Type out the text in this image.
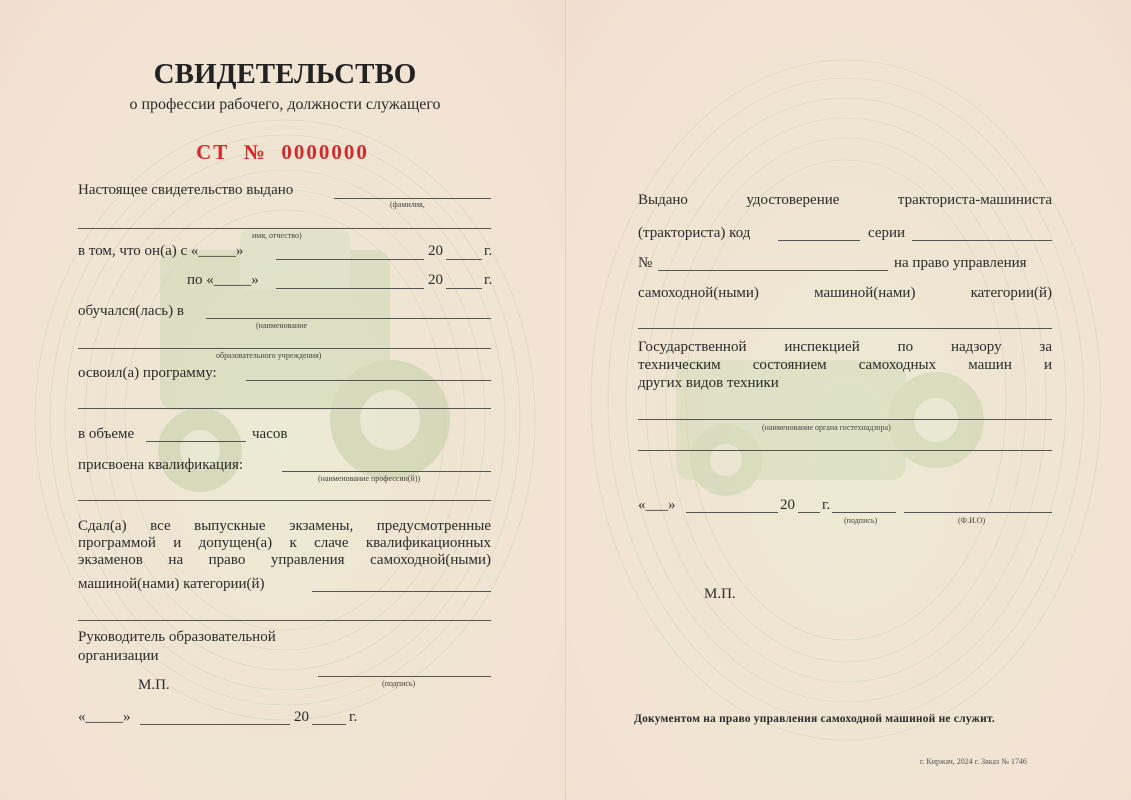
СВИДЕТЕЛЬСТВО
о профессии рабочего, должности служащего
СТ  №  0000000
Настоящее свидетельство выдано
(фамилия,
имя, отчество)
в том, что он(а) с «_____»	20	г.
по «_____»	20	г.
обучался(лась) в
(наименование
образовательного учреждения)
освоил(а) программу:
в объеме	часов
присвоена квалификация:
(наименование профессии(й))
Сдал(а) все выпускные экзамены, предусмотренные
программой и допущен(а) к слаче квалификационных
экзаменов на право управления самоходной(ными)
машиной(нами) категории(й)
Руководитель образовательной
организации
М.П.	(подпись)
«_____»	20	г.
Выдано удостоверение тракториста-машиниста
(тракториста) код	серии
№	на право управления
самоходной(ными) машиной(нами) категории(й)
Государственной инспекцией по надзору за
техническим состоянием самоходных машин и
других видов техники
(наименование органа гостехнадзора)
«___»	20 г.
(подпись)	(Ф.И.О)
М.П.
Документом на право управления самоходной машиной не служит.
г. Киржач, 2024 г. Заказ № 1746
